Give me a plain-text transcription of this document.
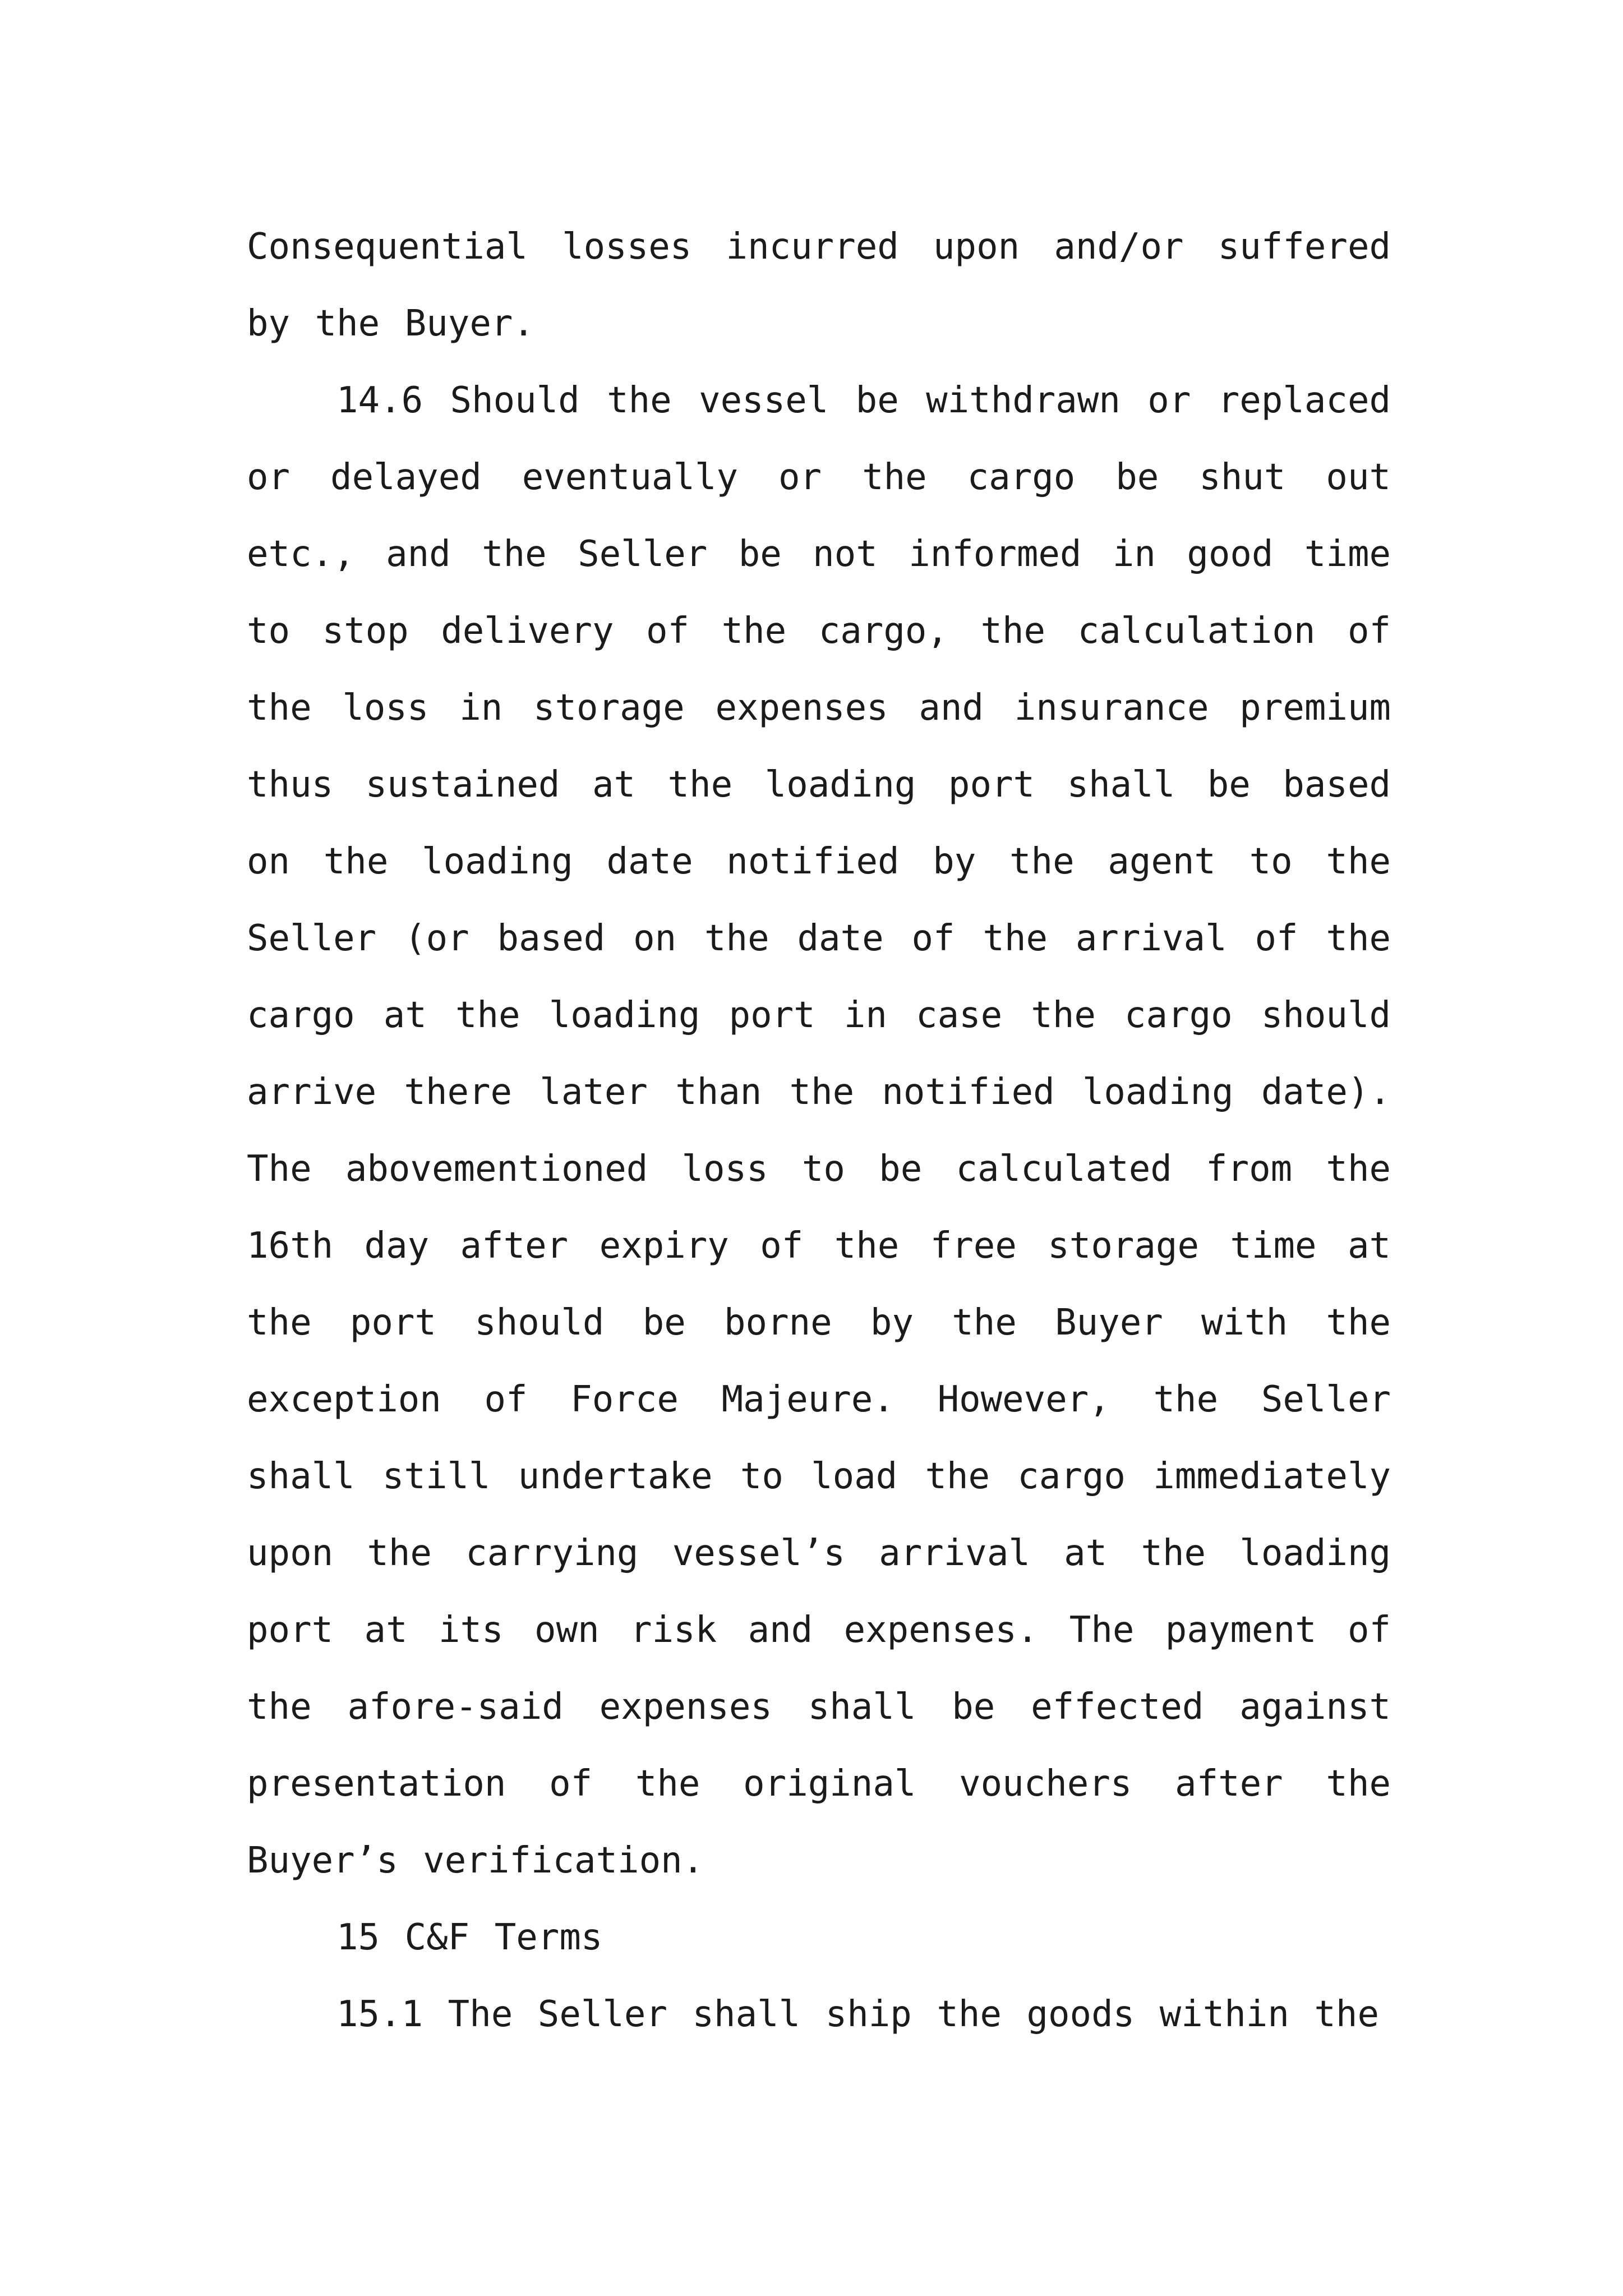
Consequential losses incurred upon and/or suffered by the Buyer.

14.6 Should the vessel be withdrawn or replaced or delayed eventually or the cargo be shut out etc., and the Seller be not informed in good time to stop delivery of the cargo, the calculation of the loss in storage expenses and insurance premium thus sustained at the loading port shall be based on the loading date notified by the agent to the Seller (or based on the date of the arrival of the cargo at the loading port in case the cargo should arrive there later than the notified loading date). The abovementioned loss to be calculated from the 16th day after expiry of the free storage time at the port should be borne by the Buyer with the exception of Force Majeure. However, the Seller shall still undertake to load the cargo immediately upon the carrying vessel’s arrival at the loading port at its own risk and expenses. The payment of the afore-said expenses shall be effected against presentation of the original vouchers after the Buyer’s verification.

15 C&F Terms

15.1 The Seller shall ship the goods within the
